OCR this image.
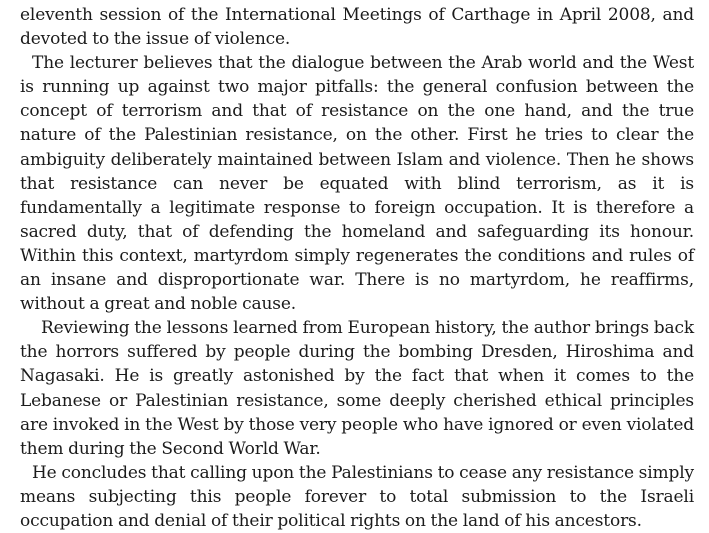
eleventh session of the International Meetings of Carthage in April 2008, and devoted to the issue of violence.

The lecturer believes that the dialogue between the Arab world and the West is running up against two major pitfalls: the general confusion between the concept of terrorism and that of resistance on the one hand, and the true nature of the Palestinian resistance, on the other. First he tries to clear the ambiguity deliberately maintained between Islam and violence. Then he shows that resistance can never be equated with blind terrorism, as it is fundamentally a legitimate response to foreign occupation. It is therefore a sacred duty, that of defending the homeland and safeguarding its honour. Within this context, martyrdom simply regenerates the conditions and rules of an insane and disproportionate war. There is no martyrdom, he reaffirms, without a great and noble cause.

Reviewing the lessons learned from European history, the author brings back the horrors suffered by people during the bombing Dresden, Hiroshima and Nagasaki. He is greatly astonished by the fact that when it comes to the Lebanese or Palestinian resistance, some deeply cherished ethical principles are invoked in the West by those very people who have ignored or even violated them during the Second World War.

He concludes that calling upon the Palestinians to cease any resistance simply means subjecting this people forever to total submission to the Israeli occupation and denial of their political rights on the land of his ancestors.
